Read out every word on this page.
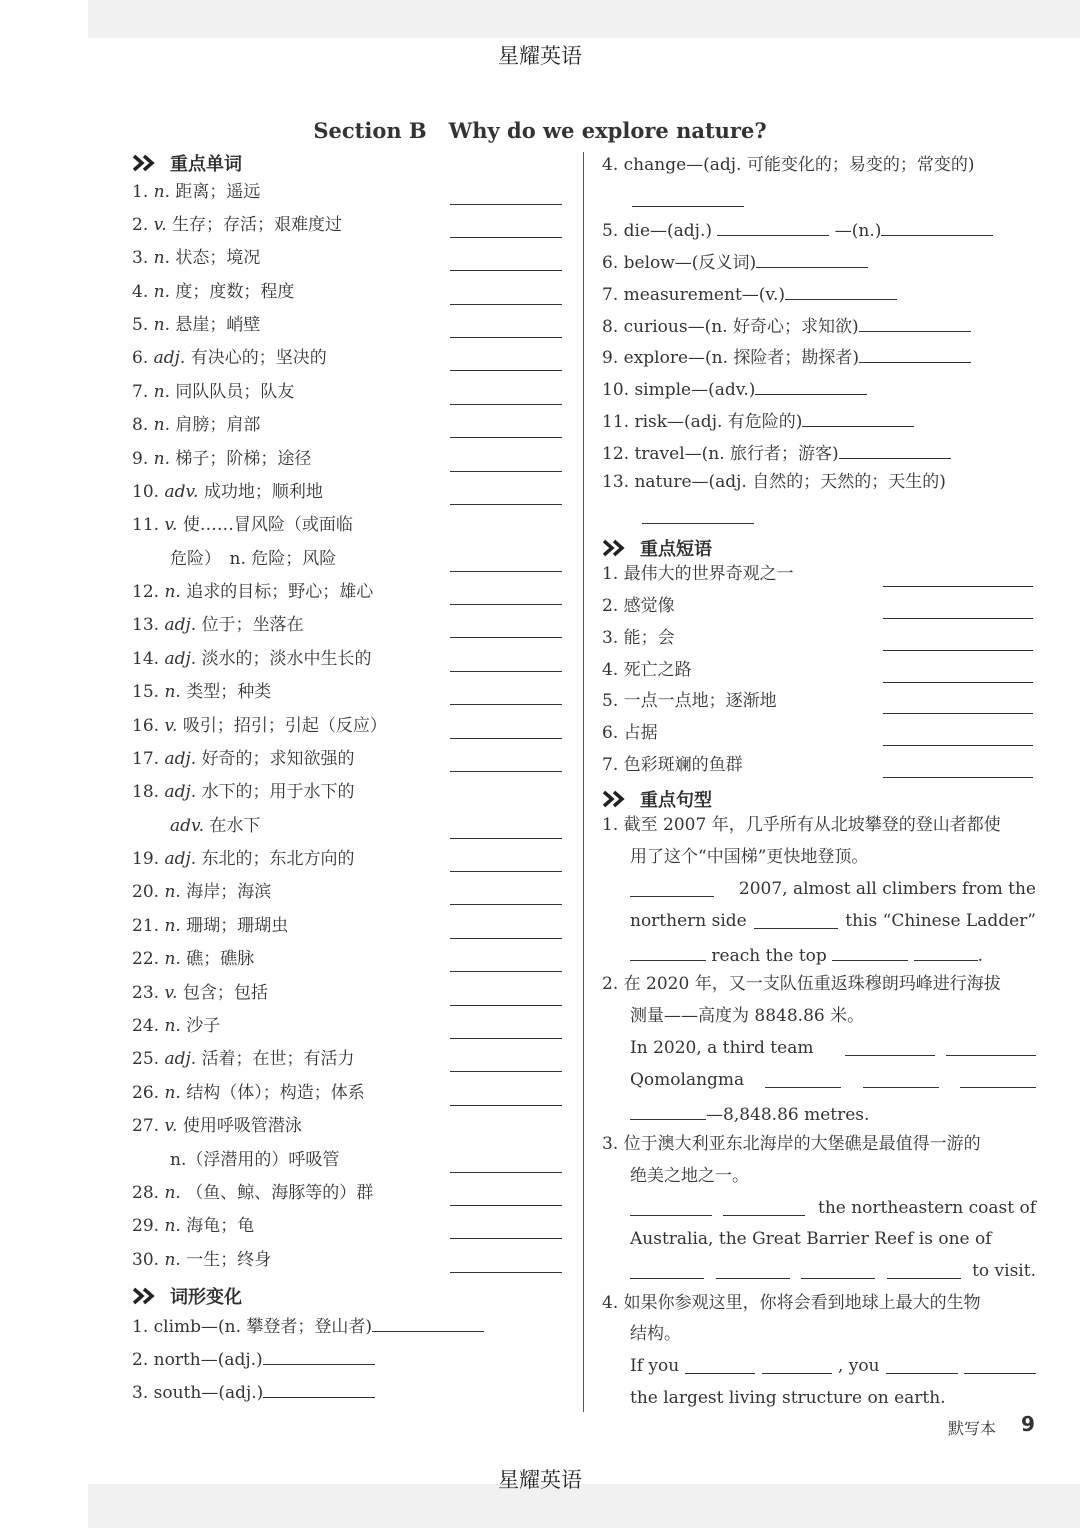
星耀英语
星耀英语
Section B Why do we explore nature?
重点单词
1. n. 距离；遥远
2. v. 生存；存活；艰难度过
3. n. 状态；境况
4. n. 度；度数；程度
5. n. 悬崖；峭壁
6. adj. 有决心的；坚决的
7. n. 同队队员；队友
8. n. 肩膀；肩部
9. n. 梯子；阶梯；途径
10. adv. 成功地；顺利地
11. v. 使……冒风险（或面临
危险）　n. 危险；风险
12. n. 追求的目标；野心；雄心
13. adj. 位于；坐落在
14. adj. 淡水的；淡水中生长的
15. n. 类型；种类
16. v. 吸引；招引；引起（反应）
17. adj. 好奇的；求知欲强的
18. adj. 水下的；用于水下的
adv. 在水下
19. adj. 东北的；东北方向的
20. n. 海岸；海滨
21. n. 珊瑚；珊瑚虫
22. n. 礁；礁脉
23. v. 包含；包括
24. n. 沙子
25. adj. 活着；在世；有活力
26. n. 结构（体）；构造；体系
27. v. 使用呼吸管潜泳
n.（浮潜用的）呼吸管
28. n. （鱼、鲸、海豚等的）群
29. n. 海龟；龟
30. n. 一生；终身
词形变化
1. climb—(n. 攀登者；登山者)
2. north—(adj.)
3. south—(adj.)
4. change—(adj. 可能变化的；易变的；常变的)
5. die—(adj.)	—(n.)
6. below—(反义词)
7. measurement—(v.)
8. curious—(n. 好奇心；求知欲)
9. explore—(n. 探险者；勘探者)
10. simple—(adv.)
11. risk—(adj. 有危险的)
12. travel—(n. 旅行者；游客)
13. nature—(adj. 自然的；天然的；天生的)
重点短语
1. 最伟大的世界奇观之一
2. 感觉像
3. 能；会
4. 死亡之路
5. 一点一点地；逐渐地
6. 占据
7. 色彩斑斓的鱼群
重点句型
1. 截至 2007 年，几乎所有从北坡攀登的登山者都使
用了这个“中国梯”更快地登顶。
2007, almost all climbers from the
northern side	this “Chinese Ladder”
reach the top	.
2. 在 2020 年，又一支队伍重返珠穆朗玛峰进行海拔
测量——高度为 8848.86 米。
In 2020, a third team

Qomolangma
—8,848.86 metres.
3. 位于澳大利亚东北海岸的大堡礁是最值得一游的
绝美之地之一。

the northeastern coast of
Australia, the Great Barrier Reef is one of
to visit.
4. 如果你参观这里，你将会看到地球上最大的生物
结构。
If you	, you
the largest living structure on earth.
默写本 9
